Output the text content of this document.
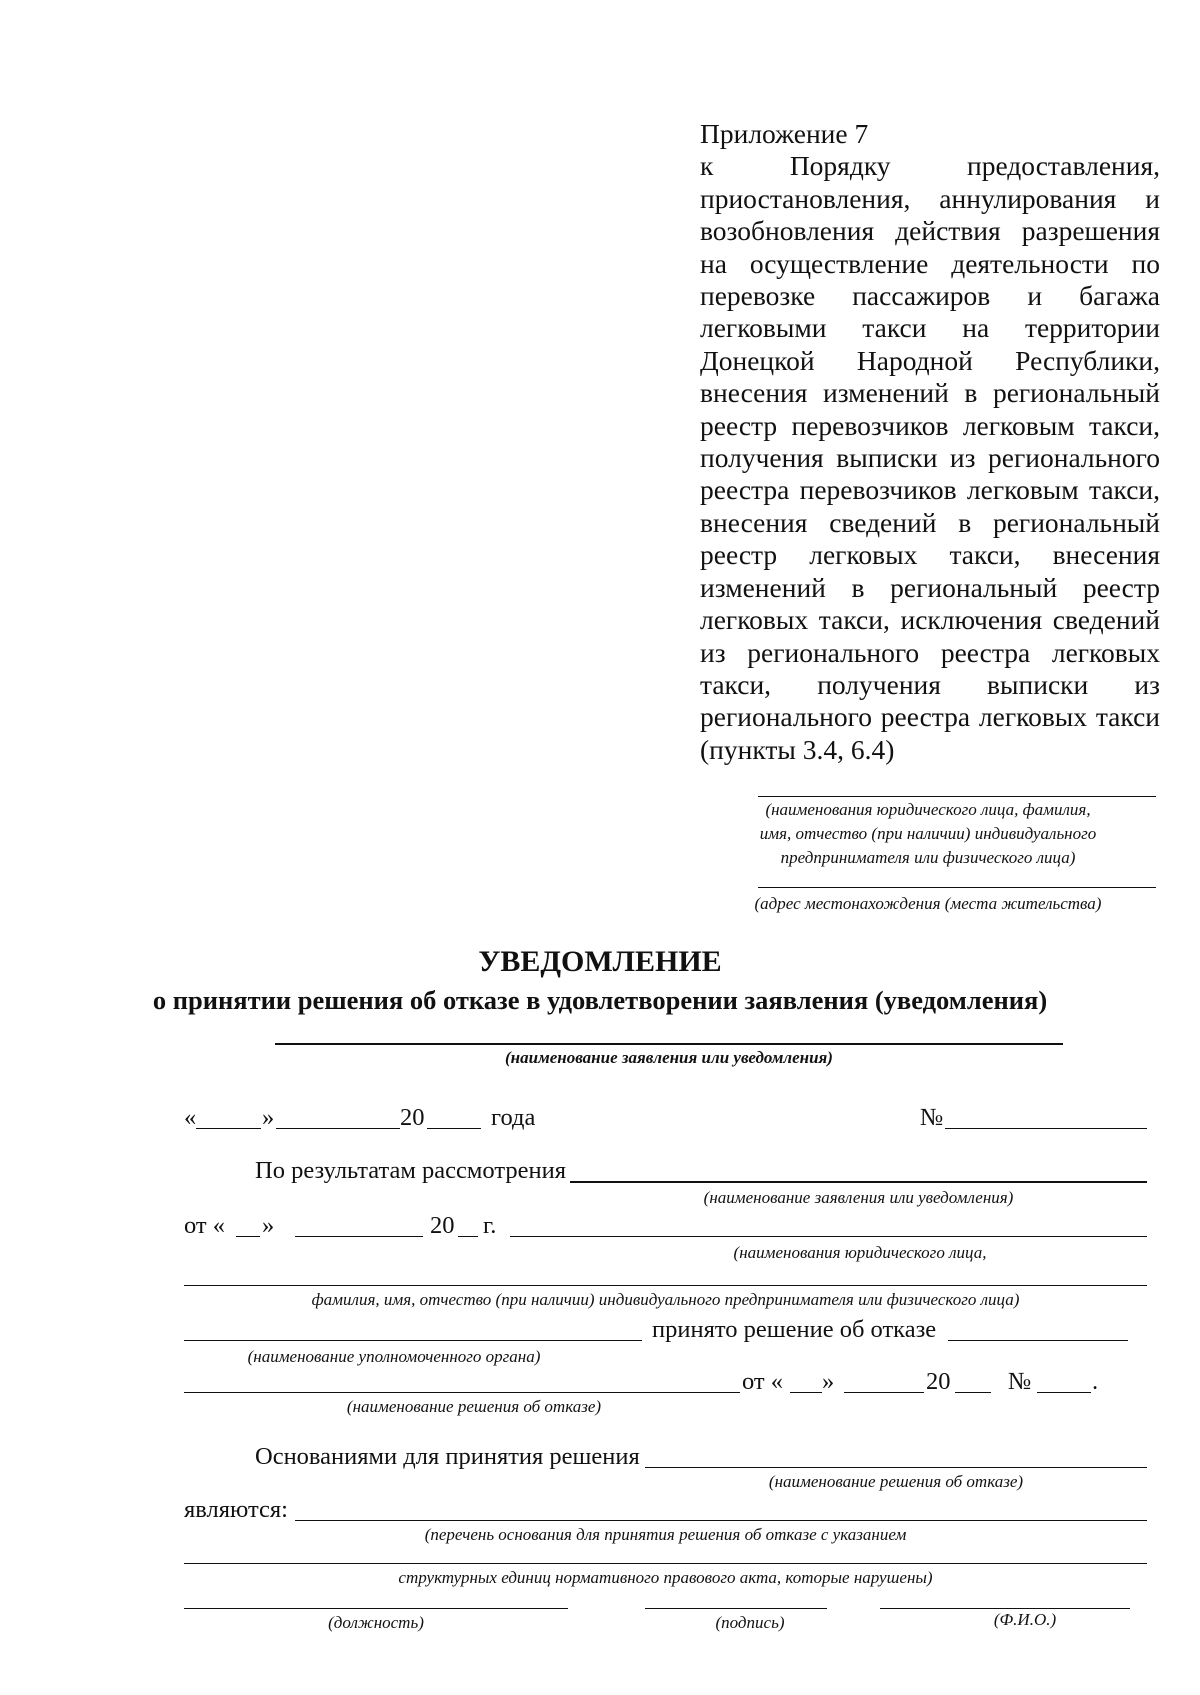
Приложение 7
к Порядку предоставления, приостановления, аннулирования и возобновления действия разрешения на осуществление деятельности по перевозке пассажиров и багажа легковыми такси на территории Донецкой Народной Республики, внесения изменений в региональный реестр перевозчиков легковым такси, получения выписки из регионального реестра перевозчиков легковым такси, внесения сведений в региональный реестр легковых такси, внесения изменений в региональный реестр легковых такси, исключения сведений из регионального реестра легковых такси, получения выписки из регионального реестра легковых такси (пункты 3.4, 6.4)
(наименования юридического лица, фамилия,
имя, отчество (при наличии) индивидуального
предпринимателя или физического лица)
(адрес местонахождения (места жительства)
УВЕДОМЛЕНИЕ
о принятии решения об отказе в удовлетворении заявления (уведомления)
(наименование заявления или уведомления)
«	»	20	года	№
По результатам рассмотрения
(наименование заявления или уведомления)
от « »	20 г.
(наименования юридического лица,
фамилия, имя, отчество (при наличии) индивидуального предпринимателя или физического лица)
принято решение об отказе
(наименование уполномоченного органа)
от « »	20 № .
(наименование решения об отказе)
Основаниями для принятия решения
(наименование решения об отказе)
являются:
(перечень основания для принятия решения об отказе с указанием
структурных единиц нормативного правового акта, которые нарушены)
(должность)	(подпись)	(Ф.И.О.)
